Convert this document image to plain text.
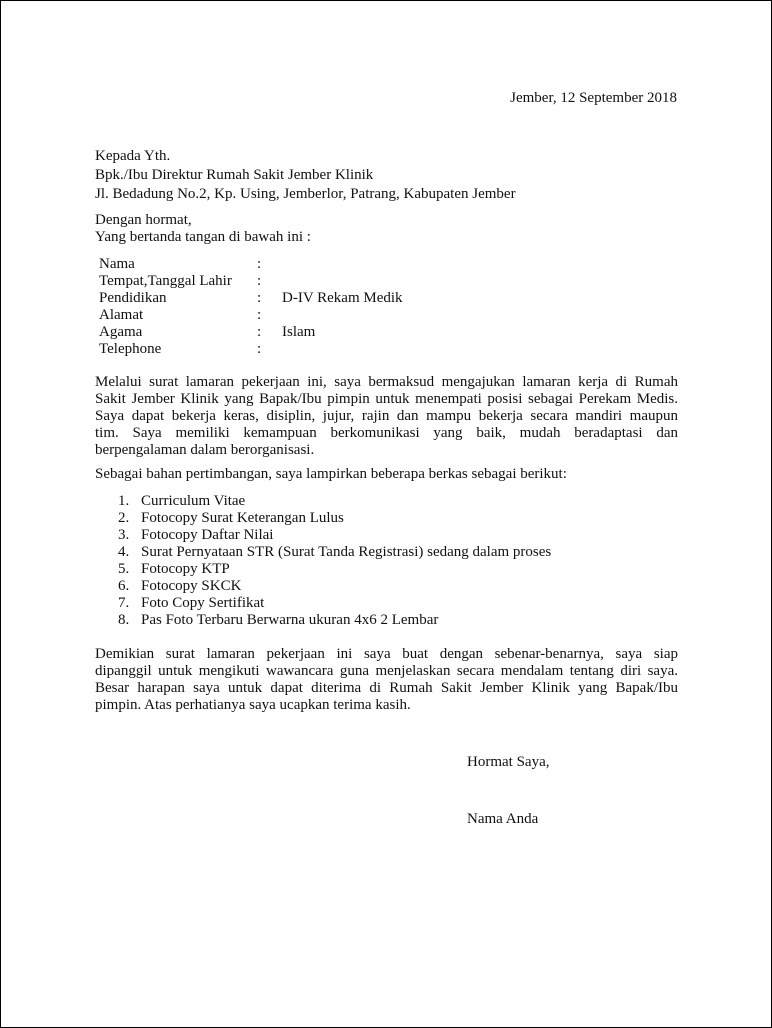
Jember, 12 September 2018
Kepada Yth.
Bpk./Ibu Direktur Rumah Sakit Jember Klinik
Jl. Bedadung No.2, Kp. Using, Jemberlor, Patrang, Kabupaten Jember
Dengan hormat,
Yang bertanda tangan di bawah ini :
Nama	:	
Tempat,Tanggal Lahir	:	
Pendidikan	:	D-IV Rekam Medik
Alamat	:	
Agama	:	Islam
Telephone	:	
Melalui surat lamaran pekerjaan ini, saya bermaksud mengajukan lamaran kerja di Rumah
Sakit Jember Klinik yang Bapak/Ibu pimpin untuk menempati posisi sebagai Perekam Medis.
Saya dapat bekerja keras, disiplin, jujur, rajin dan mampu bekerja secara mandiri maupun
tim. Saya memiliki kemampuan berkomunikasi yang baik, mudah beradaptasi dan
berpengalaman dalam berorganisasi.
Sebagai bahan pertimbangan, saya lampirkan beberapa berkas sebagai berikut:
1. Curriculum Vitae
2. Fotocopy Surat Keterangan Lulus
3. Fotocopy Daftar Nilai
4. Surat Pernyataan STR (Surat Tanda Registrasi) sedang dalam proses
5. Fotocopy KTP
6. Fotocopy SKCK
7. Foto Copy Sertifikat
8. Pas Foto Terbaru Berwarna ukuran 4x6 2 Lembar
Demikian surat lamaran pekerjaan ini saya buat dengan sebenar-benarnya, saya siap
dipanggil untuk mengikuti wawancara guna menjelaskan secara mendalam tentang diri saya.
Besar harapan saya untuk dapat diterima di Rumah Sakit Jember Klinik yang Bapak/Ibu
pimpin. Atas perhatianya saya ucapkan terima kasih.
Hormat Saya,
Nama Anda
